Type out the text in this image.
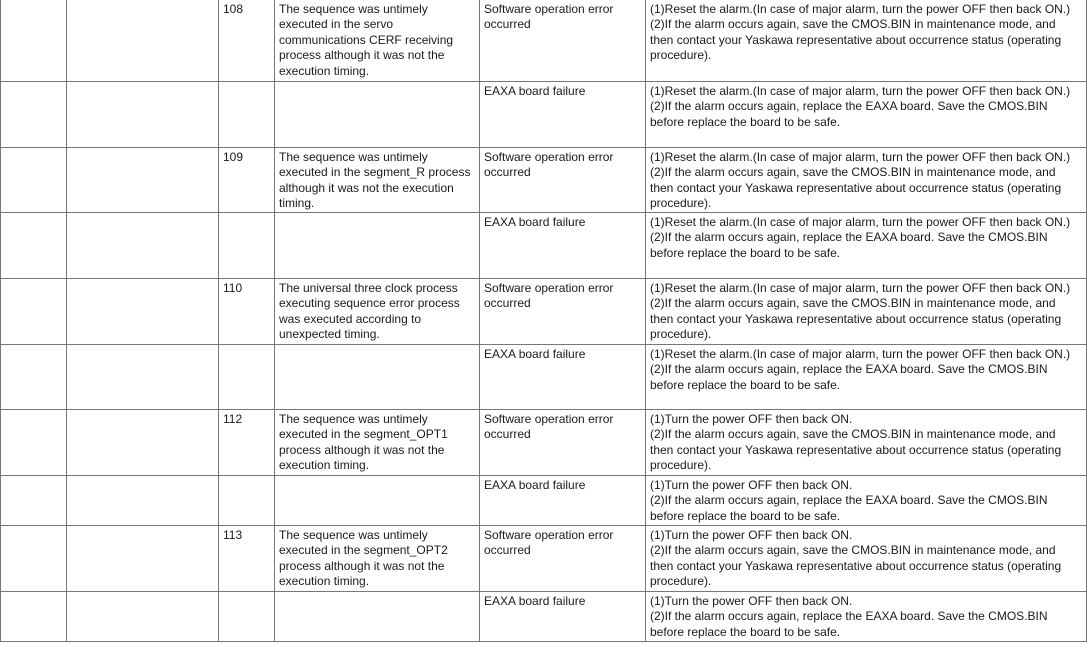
		108	The sequence was untimely executed in the servo communications CERF receiving process although it was not the execution timing.	Software operation error occurred	(1)Reset the alarm.(In case of major alarm, turn the power OFF then back ON.)
(2)If the alarm occurs again, save the CMOS.BIN in maintenance mode, and then contact your Yaskawa representative about occurrence status (operating procedure).

				EAXA board failure	(1)Reset the alarm.(In case of major alarm, turn the power OFF then back ON.)
(2)If the alarm occurs again, replace the EAXA board. Save the CMOS.BIN before replace the board to be safe.

		109	The sequence was untimely executed in the segment_R process although it was not the execution timing.	Software operation error occurred	(1)Reset the alarm.(In case of major alarm, turn the power OFF then back ON.)
(2)If the alarm occurs again, save the CMOS.BIN in maintenance mode, and then contact your Yaskawa representative about occurrence status (operating procedure).

				EAXA board failure	(1)Reset the alarm.(In case of major alarm, turn the power OFF then back ON.)
(2)If the alarm occurs again, replace the EAXA board. Save the CMOS.BIN before replace the board to be safe.

		110	The universal three clock process executing sequence error process was executed according to unexpected timing.	Software operation error occurred	(1)Reset the alarm.(In case of major alarm, turn the power OFF then back ON.)
(2)If the alarm occurs again, save the CMOS.BIN in maintenance mode, and then contact your Yaskawa representative about occurrence status (operating procedure).

				EAXA board failure	(1)Reset the alarm.(In case of major alarm, turn the power OFF then back ON.)
(2)If the alarm occurs again, replace the EAXA board. Save the CMOS.BIN before replace the board to be safe.

		112	The sequence was untimely executed in the segment_OPT1 process although it was not the execution timing.	Software operation error occurred	(1)Turn the power OFF then back ON.
(2)If the alarm occurs again, save the CMOS.BIN in maintenance mode, and then contact your Yaskawa representative about occurrence status (operating procedure).

				EAXA board failure	(1)Turn the power OFF then back ON.
(2)If the alarm occurs again, replace the EAXA board. Save the CMOS.BIN before replace the board to be safe.

		113	The sequence was untimely executed in the segment_OPT2 process although it was not the execution timing.	Software operation error occurred	(1)Turn the power OFF then back ON.
(2)If the alarm occurs again, save the CMOS.BIN in maintenance mode, and then contact your Yaskawa representative about occurrence status (operating procedure).

				EAXA board failure	(1)Turn the power OFF then back ON.
(2)If the alarm occurs again, replace the EAXA board. Save the CMOS.BIN before replace the board to be safe.
